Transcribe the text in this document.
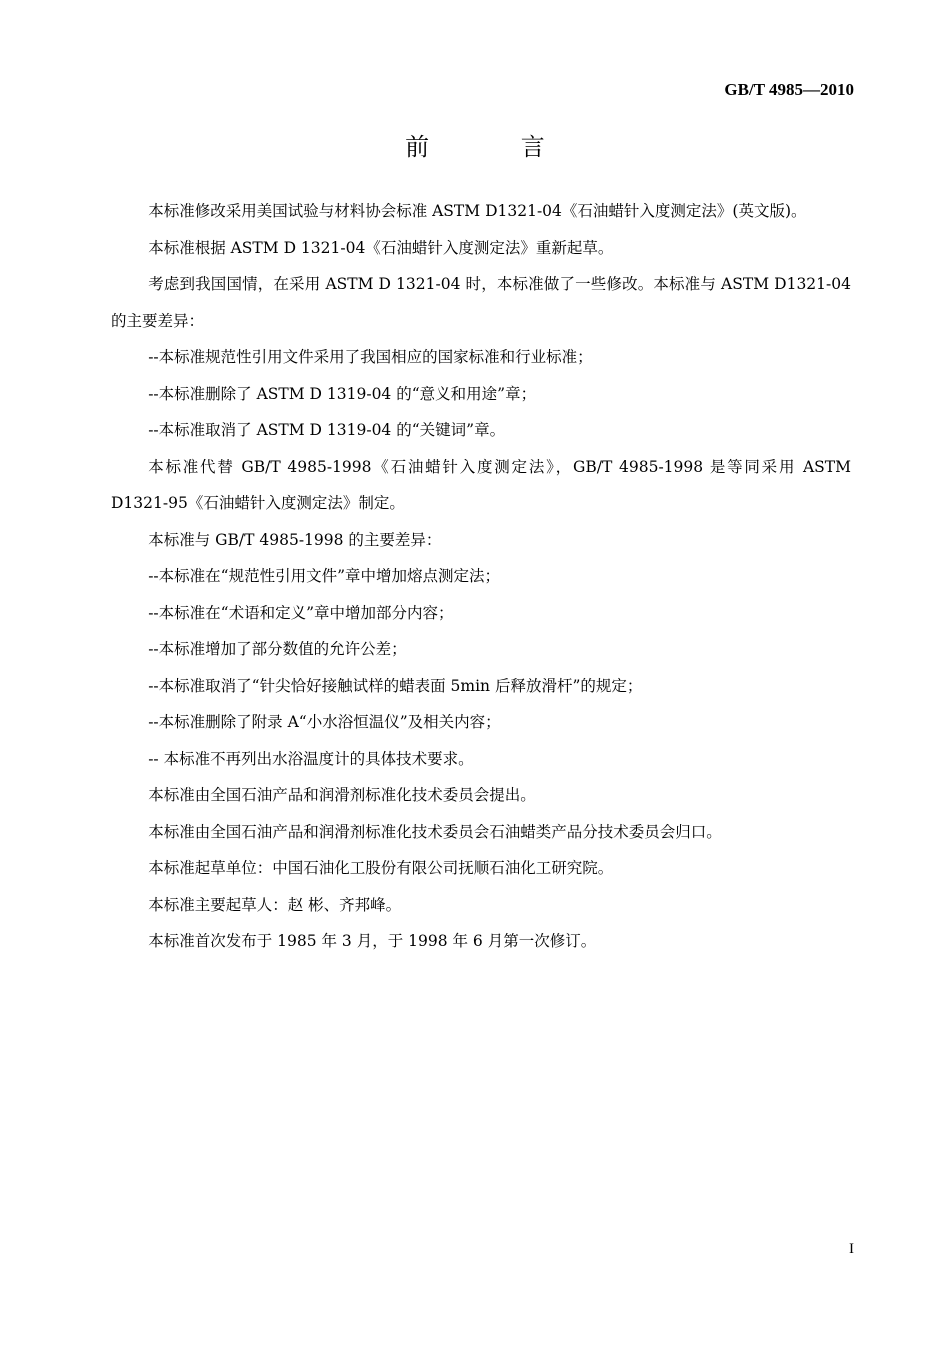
GB/T 4985—2010
前 言

本标准修改采用美国试验与材料协会标准 ASTM D1321-04《石油蜡针入度测定法》(英文版)。

本标准根据 ASTM D 1321-04《石油蜡针入度测定法》重新起草。

考虑到我国国情，在采用 ASTM D 1321-04 时，本标准做了一些修改。本标准与 ASTM D1321-04 的主要差异：

--本标准规范性引用文件采用了我国相应的国家标准和行业标准；

--本标准删除了 ASTM D 1319-04 的“意义和用途”章；

--本标准取消了 ASTM D 1319-04 的“关键词”章。

本标准代替 GB/T 4985-1998《石油蜡针入度测定法》，GB/T 4985-1998 是等同采用 ASTM D1321-95《石油蜡针入度测定法》制定。

本标准与 GB/T 4985-1998 的主要差异：

--本标准在“规范性引用文件”章中增加熔点测定法；

--本标准在“术语和定义”章中增加部分内容；

--本标准增加了部分数值的允许公差；

--本标准取消了“针尖恰好接触试样的蜡表面 5min 后释放滑杆”的规定；

--本标准删除了附录 A“小水浴恒温仪”及相关内容；

-- 本标准不再列出水浴温度计的具体技术要求。

本标准由全国石油产品和润滑剂标准化技术委员会提出。

本标准由全国石油产品和润滑剂标准化技术委员会石油蜡类产品分技术委员会归口。

本标准起草单位：中国石油化工股份有限公司抚顺石油化工研究院。

本标准主要起草人：赵 彬、齐邦峰。

本标准首次发布于 1985 年 3 月，于 1998 年 6 月第一次修订。

I
